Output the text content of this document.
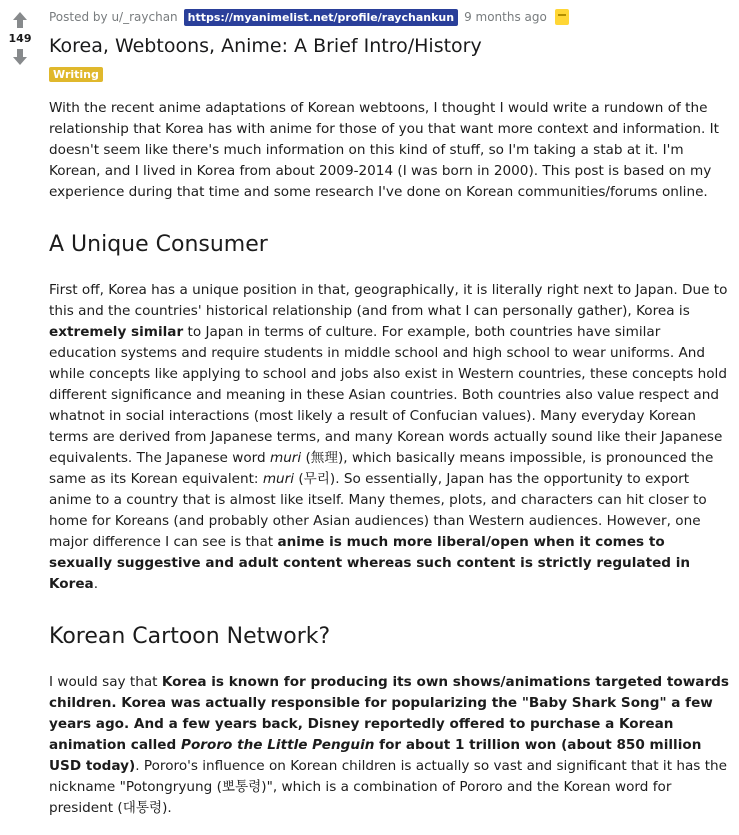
149
Posted by u/_raychan https://myanimelist.net/profile/raychankun 9 months ago
Korea, Webtoons, Anime: A Brief Intro/History
Writing

With the recent anime adaptations of Korean webtoons, I thought I would write a rundown of the relationship that Korea has with anime for those of you that want more context and information. It doesn't seem like there's much information on this kind of stuff, so I'm taking a stab at it. I'm Korean, and I lived in Korea from about 2009-2014 (I was born in 2000). This post is based on my experience during that time and some research I've done on Korean communities/forums online.

A Unique Consumer

First off, Korea has a unique position in that, geographically, it is literally right next to Japan. Due to this and the countries' historical relationship (and from what I can personally gather), Korea is extremely similar to Japan in terms of culture. For example, both countries have similar education systems and require students in middle school and high school to wear uniforms. And while concepts like applying to school and jobs also exist in Western countries, these concepts hold different significance and meaning in these Asian countries. Both countries also value respect and whatnot in social interactions (most likely a result of Confucian values). Many everyday Korean terms are derived from Japanese terms, and many Korean words actually sound like their Japanese equivalents. The Japanese word muri (無理), which basically means impossible, is pronounced the same as its Korean equivalent: muri (무리). So essentially, Japan has the opportunity to export anime to a country that is almost like itself. Many themes, plots, and characters can hit closer to home for Koreans (and probably other Asian audiences) than Western audiences. However, one major difference I can see is that anime is much more liberal/open when it comes to sexually suggestive and adult content whereas such content is strictly regulated in Korea.

Korean Cartoon Network?

I would say that Korea is known for producing its own shows/animations targeted towards children. Korea was actually responsible for popularizing the "Baby Shark Song" a few years ago. And a few years back, Disney reportedly offered to purchase a Korean animation called Pororo the Little Penguin for about 1 trillion won (about 850 million USD today). Pororo's influence on Korean children is actually so vast and significant that it has the nickname "Potongryung (뽀통령)", which is a combination of Pororo and the Korean word for president (대통령).
